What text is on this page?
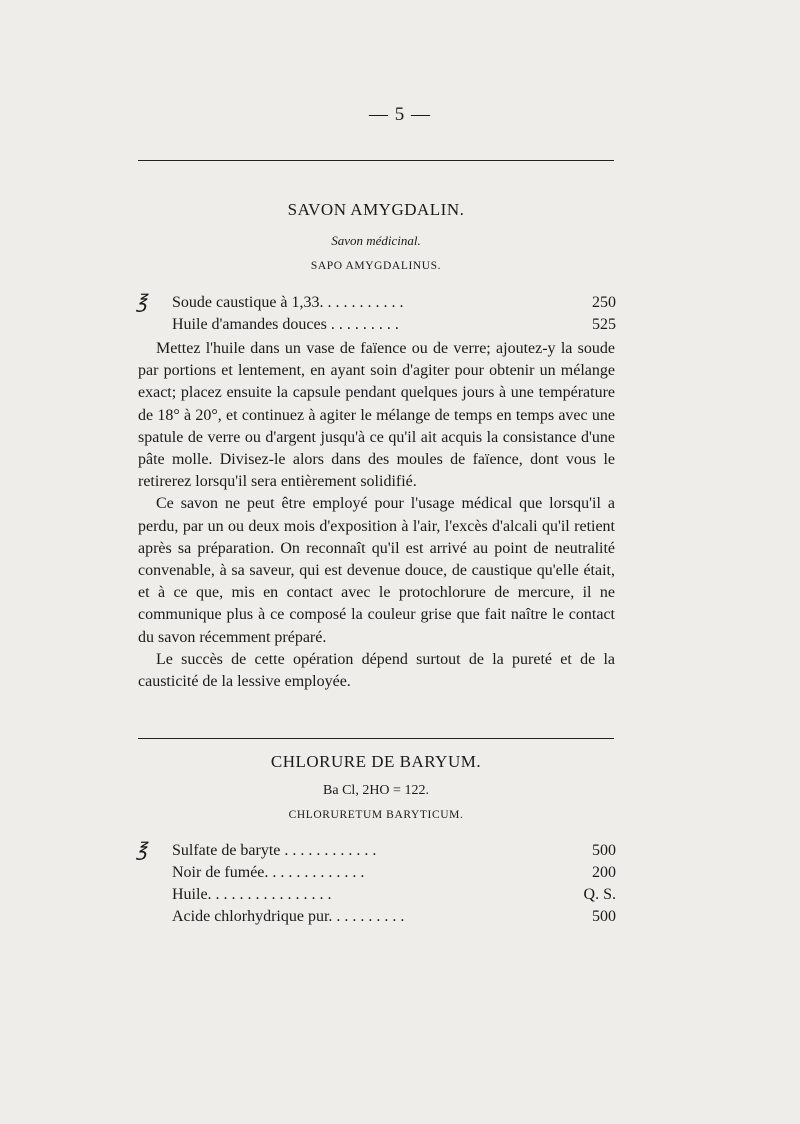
— 5 —
SAVON AMYGDALIN.
Savon médicinal.
SAPO AMYGDALINUS.
℥ Soude caustique à 1,33. . . . . . . . . . .	250
Huile d'amandes douces . . . . . . . . .	525

Mettez l'huile dans un vase de faïence ou de verre; ajoutez-y la soude par portions et lentement, en ayant soin d'agiter pour obtenir un mélange exact; placez ensuite la capsule pendant quelques jours à une température de 18° à 20°, et continuez à agiter le mélange de temps en temps avec une spatule de verre ou d'argent jusqu'à ce qu'il ait acquis la consistance d'une pâte molle. Divisez-le alors dans des moules de faïence, dont vous le retirerez lorsqu'il sera entièrement solidifié.

Ce savon ne peut être employé pour l'usage médical que lorsqu'il a perdu, par un ou deux mois d'exposition à l'air, l'excès d'alcali qu'il retient après sa préparation. On reconnaît qu'il est arrivé au point de neutralité convenable, à sa saveur, qui est devenue douce, de caustique qu'elle était, et à ce que, mis en contact avec le protochlorure de mercure, il ne communique plus à ce composé la couleur grise que fait naître le contact du savon récemment préparé.

Le succès de cette opération dépend surtout de la pureté et de la causticité de la lessive employée.

CHLORURE DE BARYUM.
Ba Cl, 2HO = 122.
CHLORURETUM BARYTICUM.
℥ Sulfate de baryte . . . . . . . . . . . .	500
Noir de fumée. . . . . . . . . . . . .	200
Huile. . . . . . . . . . . . . . . .	Q. S.
Acide chlorhydrique pur. . . . . . . . . .	500
